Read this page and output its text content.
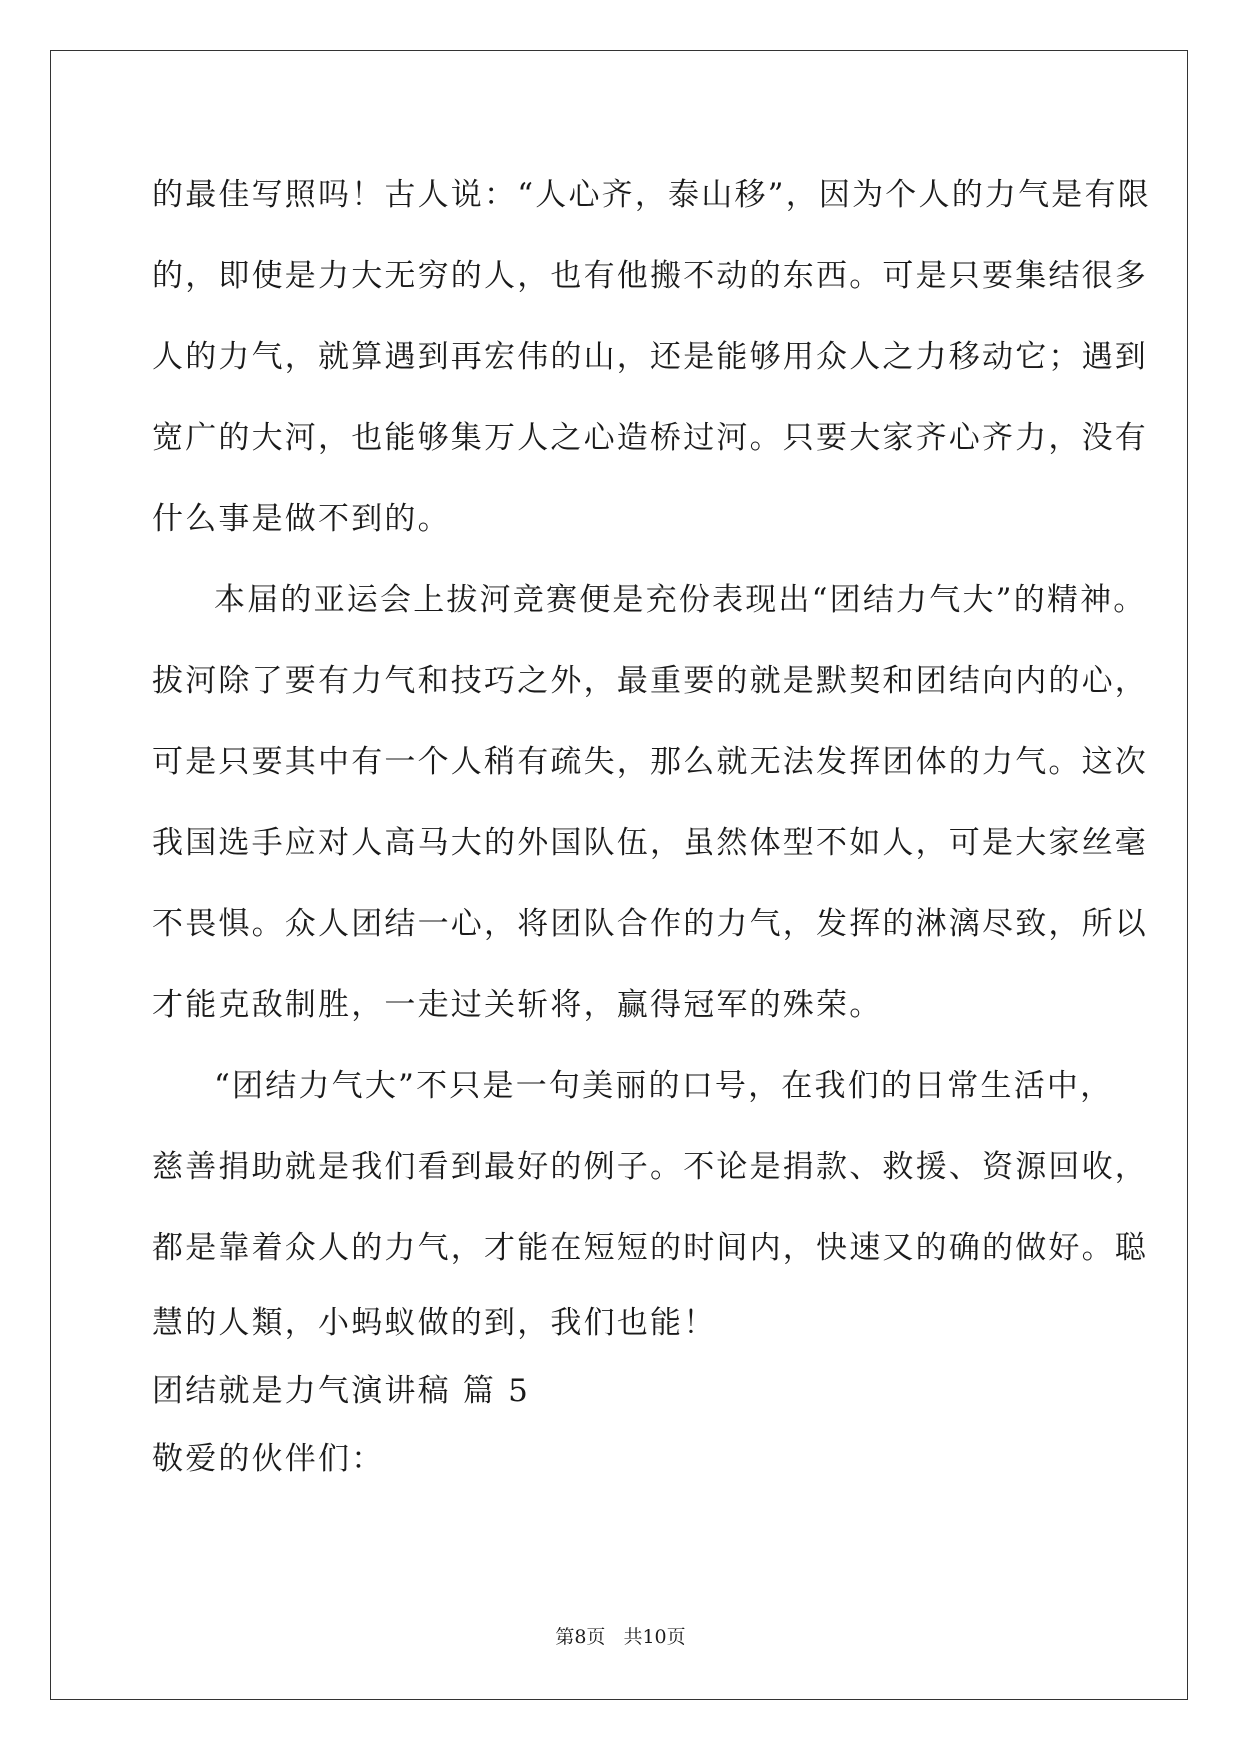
的最佳写照吗！古人说：“人心齐，泰山移”，因为个人的力气是有限
的，即使是力大无穷的人，也有他搬不动的东西。可是只要集结很多
人的力气，就算遇到再宏伟的山，还是能够用众人之力移动它；遇到
宽广的大河，也能够集万人之心造桥过河。只要大家齐心齐力，没有
什么事是做不到的。
本届的亚运会上拔河竞赛便是充份表现出“团结力气大”的精神。
拔河除了要有力气和技巧之外，最重要的就是默契和团结向内的心，
可是只要其中有一个人稍有疏失，那么就无法发挥团体的力气。这次
我国选手应对人高马大的外国队伍，虽然体型不如人，可是大家丝毫
不畏惧。众人团结一心，将团队合作的力气，发挥的淋漓尽致，所以
才能克敌制胜，一走过关斩将，赢得冠军的殊荣。
“团结力气大”不只是一句美丽的口号，在我们的日常生活中，
慈善捐助就是我们看到最好的例子。不论是捐款、救援、资源回收，
都是靠着众人的力气，才能在短短的时间内，快速又的确的做好。聪
慧的人類，小蚂蚁做的到，我们也能！
团结就是力气演讲稿 篇 5
敬爱的伙伴们：
第8页 共10页
